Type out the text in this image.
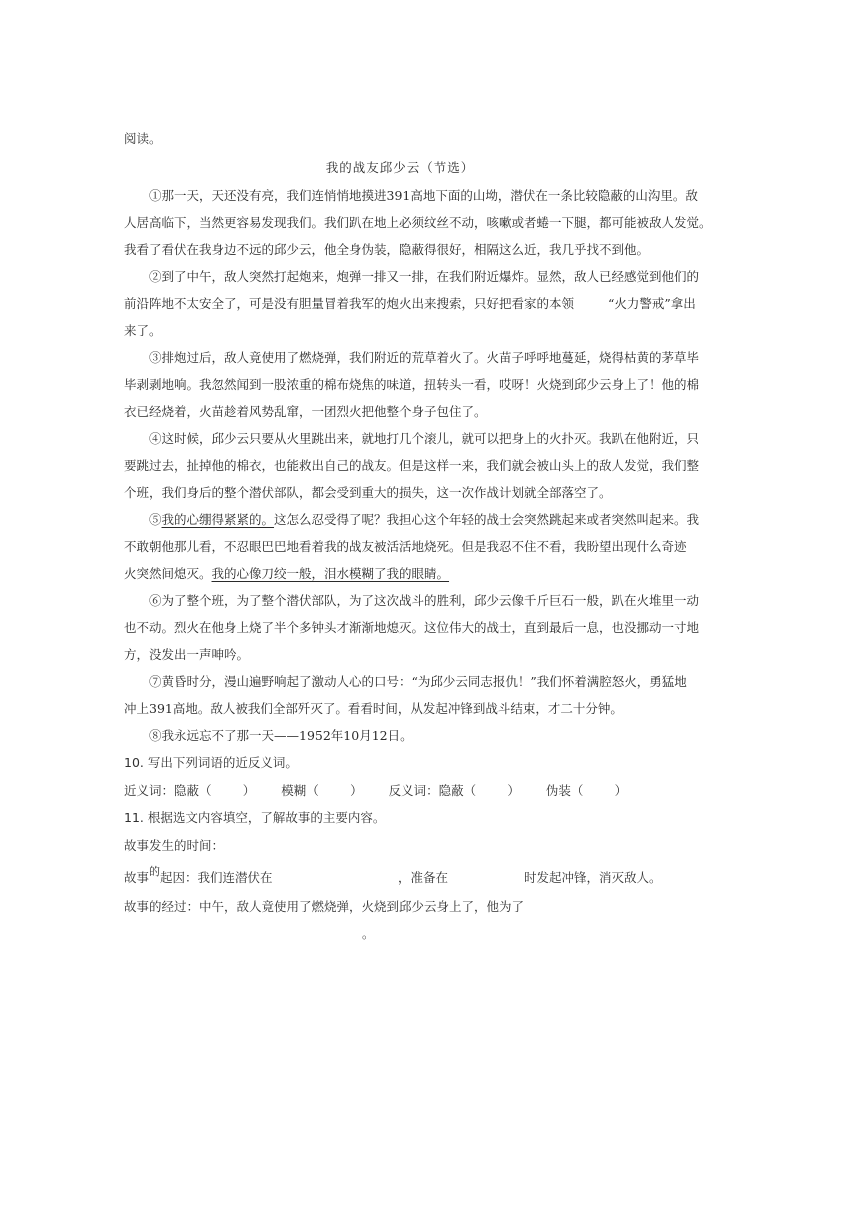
阅读。
我的战友邱少云（节选）
①那一天，天还没有亮，我们连悄悄地摸进391高地下面的山坳，潜伏在一条比较隐蔽的山沟里。敌
人居高临下，当然更容易发现我们。我们趴在地上必须纹丝不动，咳嗽或者蜷一下腿，都可能被敌人发觉。
我看了看伏在我身边不远的邱少云，他全身伪装，隐蔽得很好，相隔这么近，我几乎找不到他。
②到了中午，敌人突然打起炮来，炮弹一排又一排，在我们附近爆炸。显然，敌人已经感觉到他们的
前沿阵地不太安全了，可是没有胆量冒着我军的炮火出来搜索，只好把看家的本领	“火力警戒”拿出
来了。
③排炮过后，敌人竟使用了燃烧弹，我们附近的荒草着火了。火苗子呼呼地蔓延，烧得枯黄的茅草毕
毕剥剥地响。我忽然闻到一股浓重的棉布烧焦的味道，扭转头一看，哎呀！火烧到邱少云身上了！他的棉
衣已经烧着，火苗趁着风势乱窜，一团烈火把他整个身子包住了。
④这时候，邱少云只要从火里跳出来，就地打几个滚儿，就可以把身上的火扑灭。我趴在他附近，只
要跳过去，扯掉他的棉衣，也能救出自己的战友。但是这样一来，我们就会被山头上的敌人发觉，我们整
个班，我们身后的整个潜伏部队，都会受到重大的损失，这一次作战计划就全部落空了。
⑤我的心绷得紧紧的。这怎么忍受得了呢？我担心这个年轻的战士会突然跳起来或者突然叫起来。我
不敢朝他那儿看，不忍眼巴巴地看着我的战友被活活地烧死。但是我忍不住不看，我盼望出现什么奇迹
火突然间熄灭。我的心像刀绞一般，泪水模糊了我的眼睛。
⑥为了整个班，为了整个潜伏部队，为了这次战斗的胜利，邱少云像千斤巨石一般，趴在火堆里一动
也不动。烈火在他身上烧了半个多钟头才渐渐地熄灭。这位伟大的战士，直到最后一息，也没挪动一寸地
方，没发出一声呻吟。
⑦黄昏时分，漫山遍野响起了激动人心的口号：“为邱少云同志报仇！”我们怀着满腔怒火，勇猛地
冲上391高地。敌人被我们全部歼灭了。看看时间，从发起冲锋到战斗结束，才二十分钟。
⑧我永远忘不了那一天——1952年10月12日。
10. 写出下列词语的近反义词。
近义词：隐蔽（   ） 模糊（   ） 反义词：隐蔽（   ） 伪装（   ）
11. 根据选文内容填空，了解故事的主要内容。
故事发生的时间：
故事的起因：我们连潜伏在	，准备在	时发起冲锋，消灭敌人。
故事的经过：中午，敌人竟使用了燃烧弹，火烧到邱少云身上了，他为了
。
